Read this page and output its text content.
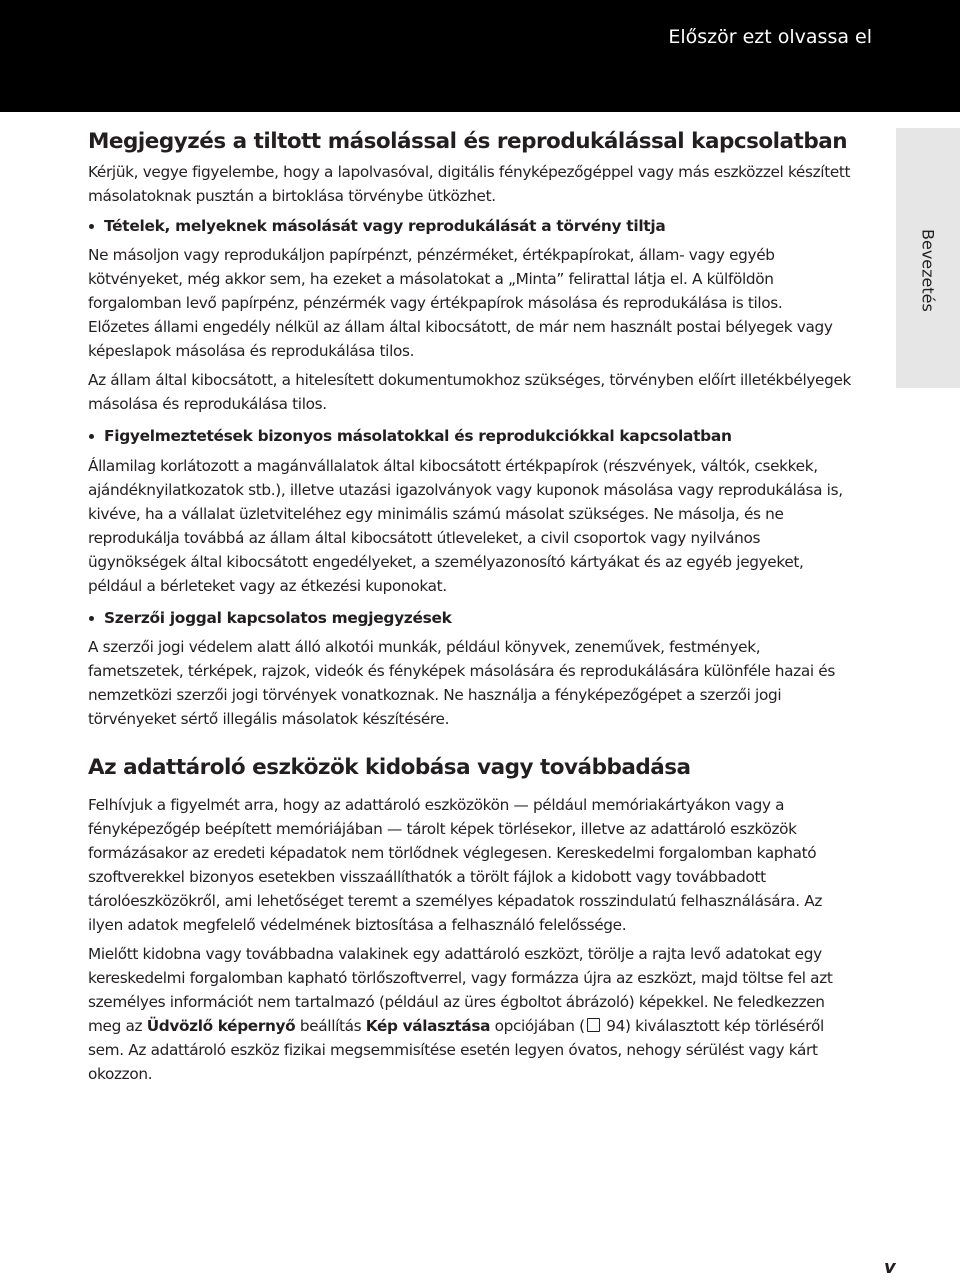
Először ezt olvassa el
Bevezetés
Megjegyzés a tiltott másolással és reprodukálással kapcsolatban

Kérjük, vegye figyelembe, hogy a lapolvasóval, digitális fényképezőgéppel vagy más eszközzel készített másolatoknak pusztán a birtoklása törvénybe ütközhet.

Tételek, melyeknek másolását vagy reprodukálását a törvény tiltja

Ne másoljon vagy reprodukáljon papírpénzt, pénzérméket, értékpapírokat, állam- vagy egyéb kötvényeket, még akkor sem, ha ezeket a másolatokat a „Minta” felirattal látja el. A külföldön forgalomban levő papírpénz, pénzérmék vagy értékpapírok másolása és reprodukálása is tilos.

Előzetes állami engedély nélkül az állam által kibocsátott, de már nem használt postai bélyegek vagy képeslapok másolása és reprodukálása tilos.

Az állam által kibocsátott, a hitelesített dokumentumokhoz szükséges, törvényben előírt illetékbélyegek másolása és reprodukálása tilos.

Figyelmeztetések bizonyos másolatokkal és reprodukciókkal kapcsolatban

Államilag korlátozott a magánvállalatok által kibocsátott értékpapírok (részvények, váltók, csekkek, ajándéknyilatkozatok stb.), illetve utazási igazolványok vagy kuponok másolása vagy reprodukálása is, kivéve, ha a vállalat üzletviteléhez egy minimális számú másolat szükséges. Ne másolja, és ne reprodukálja továbbá az állam által kibocsátott útleveleket, a civil csoportok vagy nyilvános ügynökségek által kibocsátott engedélyeket, a személyazonosító kártyákat és az egyéb jegyeket, például a bérleteket vagy az étkezési kuponokat.

Szerzői joggal kapcsolatos megjegyzések

A szerzői jogi védelem alatt álló alkotói munkák, például könyvek, zeneművek, festmények, fametszetek, térképek, rajzok, videók és fényképek másolására és reprodukálására különféle hazai és nemzetközi szerzői jogi törvények vonatkoznak. Ne használja a fényképezőgépet a szerzői jogi törvényeket sértő illegális másolatok készítésére.

Az adattároló eszközök kidobása vagy továbbadása

Felhívjuk a figyelmét arra, hogy az adattároló eszközökön — például memóriakártyákon vagy a fényképezőgép beépített memóriájában — tárolt képek törlésekor, illetve az adattároló eszközök formázásakor az eredeti képadatok nem törlődnek véglegesen. Kereskedelmi forgalomban kapható szoftverekkel bizonyos esetekben visszaállíthatók a törölt fájlok a kidobott vagy továbbadott tárolóeszközökről, ami lehetőséget teremt a személyes képadatok rosszindulatú felhasználására. Az ilyen adatok megfelelő védelmének biztosítása a felhasználó felelőssége.

Mielőtt kidobna vagy továbbadna valakinek egy adattároló eszközt, törölje a rajta levő adatokat egy kereskedelmi forgalomban kapható törlőszoftverrel, vagy formázza újra az eszközt, majd töltse fel azt személyes információt nem tartalmazó (például az üres égboltot ábrázoló) képekkel. Ne feledkezzen meg az Üdvözlő képernyő beállítás Kép választása opciójában ( 94) kiválasztott kép törléséről sem. Az adattároló eszköz fizikai megsemmisítése esetén legyen óvatos, nehogy sérülést vagy kárt okozzon.

v
